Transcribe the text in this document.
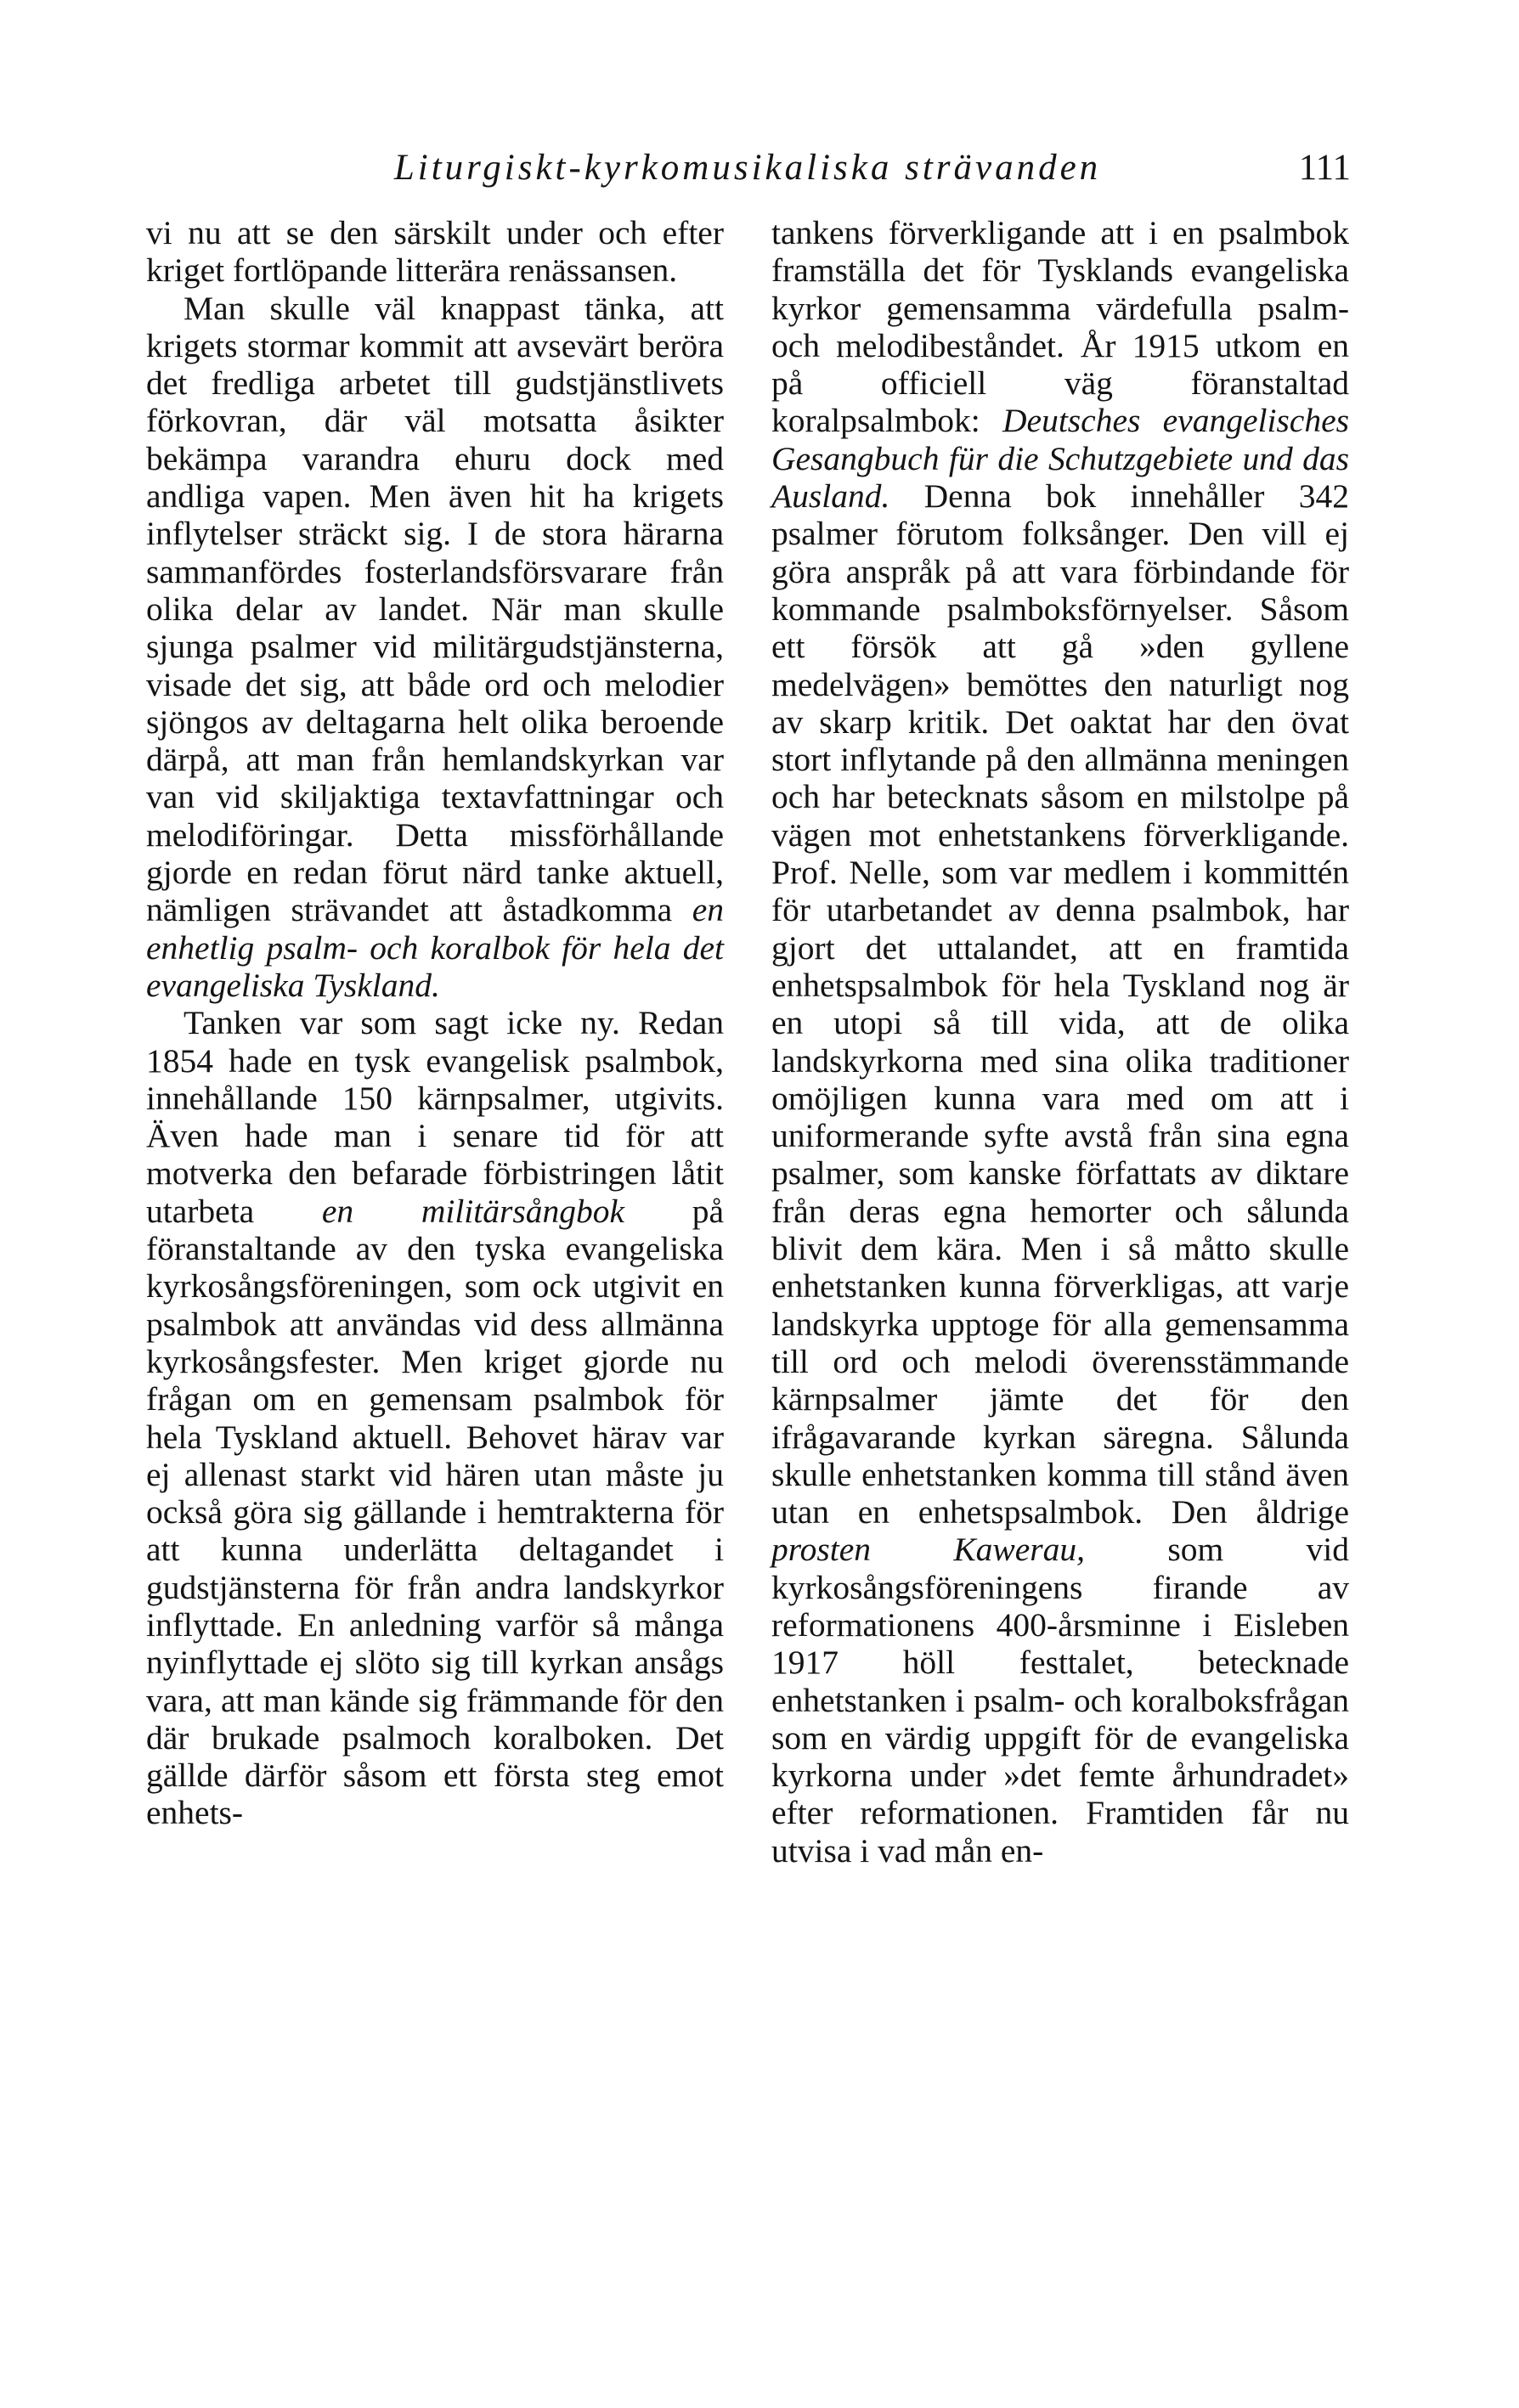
Liturgiskt-kyrkomusikaliska strävanden	111

vi nu att se den särskilt under och efter kriget fortlöpande litterära renässansen.

Man skulle väl knappast tänka, att krigets stormar kommit att avsevärt beröra det fredliga arbetet till gudstjänstlivets förkovran, där väl motsatta åsikter bekämpa varandra ehuru dock med andliga vapen. Men även hit ha krigets inflytelser sträckt sig. I de stora härarna sammanfördes fosterlandsförsvarare från olika delar av landet. När man skulle sjunga psalmer vid militärgudstjänsterna, visade det sig, att både ord och melodier sjöngos av deltagarna helt olika beroende därpå, att man från hemlandskyrkan var van vid skiljaktiga textavfattningar och melodiföringar. Detta missförhållande gjorde en redan förut närd tanke aktuell, nämligen strävandet att åstadkomma en enhetlig psalm- och koralbok för hela det evangeliska Tyskland.

Tanken var som sagt icke ny. Redan 1854 hade en tysk evangelisk psalmbok, innehållande 150 kärnpsalmer, utgivits. Även hade man i senare tid för att motverka den befarade förbistringen låtit utarbeta en militärsångbok på föranstaltande av den tyska evangeliska kyrkosångsföreningen, som ock utgivit en psalmbok att användas vid dess allmänna kyrkosångsfester. Men kriget gjorde nu frågan om en gemensam psalmbok för hela Tyskland aktuell. Behovet härav var ej allenast starkt vid hären utan måste ju också göra sig gällande i hemtrakterna för att kunna underlätta deltagandet i gudstjänsterna för från andra landskyrkor inflyttade. En anledning varför så många nyinflyttade ej slöto sig till kyrkan ansågs vara, att man kände sig främmande för den där brukade psalmoch koralboken. Det gällde därför såsom ett första steg emot enhets-

tankens förverkligande att i en psalmbok framställa det för Tysklands evangeliska kyrkor gemensamma värdefulla psalm- och melodibeståndet. År 1915 utkom en på officiell väg föranstaltad koralpsalmbok: Deutsches evangelisches Gesangbuch für die Schutzgebiete und das Ausland. Denna bok innehåller 342 psalmer förutom folksånger. Den vill ej göra anspråk på att vara förbindande för kommande psalmboksförnyelser. Såsom ett försök att gå »den gyllene medelvägen» bemöttes den naturligt nog av skarp kritik. Det oaktat har den övat stort inflytande på den allmänna meningen och har betecknats såsom en milstolpe på vägen mot enhetstankens förverkligande. Prof. Nelle, som var medlem i kommittén för utarbetandet av denna psalmbok, har gjort det uttalandet, att en framtida enhetspsalmbok för hela Tyskland nog är en utopi så till vida, att de olika landskyrkorna med sina olika traditioner omöjligen kunna vara med om att i uniformerande syfte avstå från sina egna psalmer, som kanske författats av diktare från deras egna hemorter och sålunda blivit dem kära. Men i så måtto skulle enhetstanken kunna förverkligas, att varje landskyrka upptoge för alla gemensamma till ord och melodi överensstämmande kärnpsalmer jämte det för den ifrågavarande kyrkan säregna. Sålunda skulle enhetstanken komma till stånd även utan en enhetspsalmbok. Den åldrige prosten Kawerau, som vid kyrkosångsföreningens firande av reformationens 400-årsminne i Eisleben 1917 höll festtalet, betecknade enhetstanken i psalm- och koralboksfrågan som en värdig uppgift för de evangeliska kyrkorna under »det femte århundradet» efter reformationen. Framtiden får nu utvisa i vad mån en-
